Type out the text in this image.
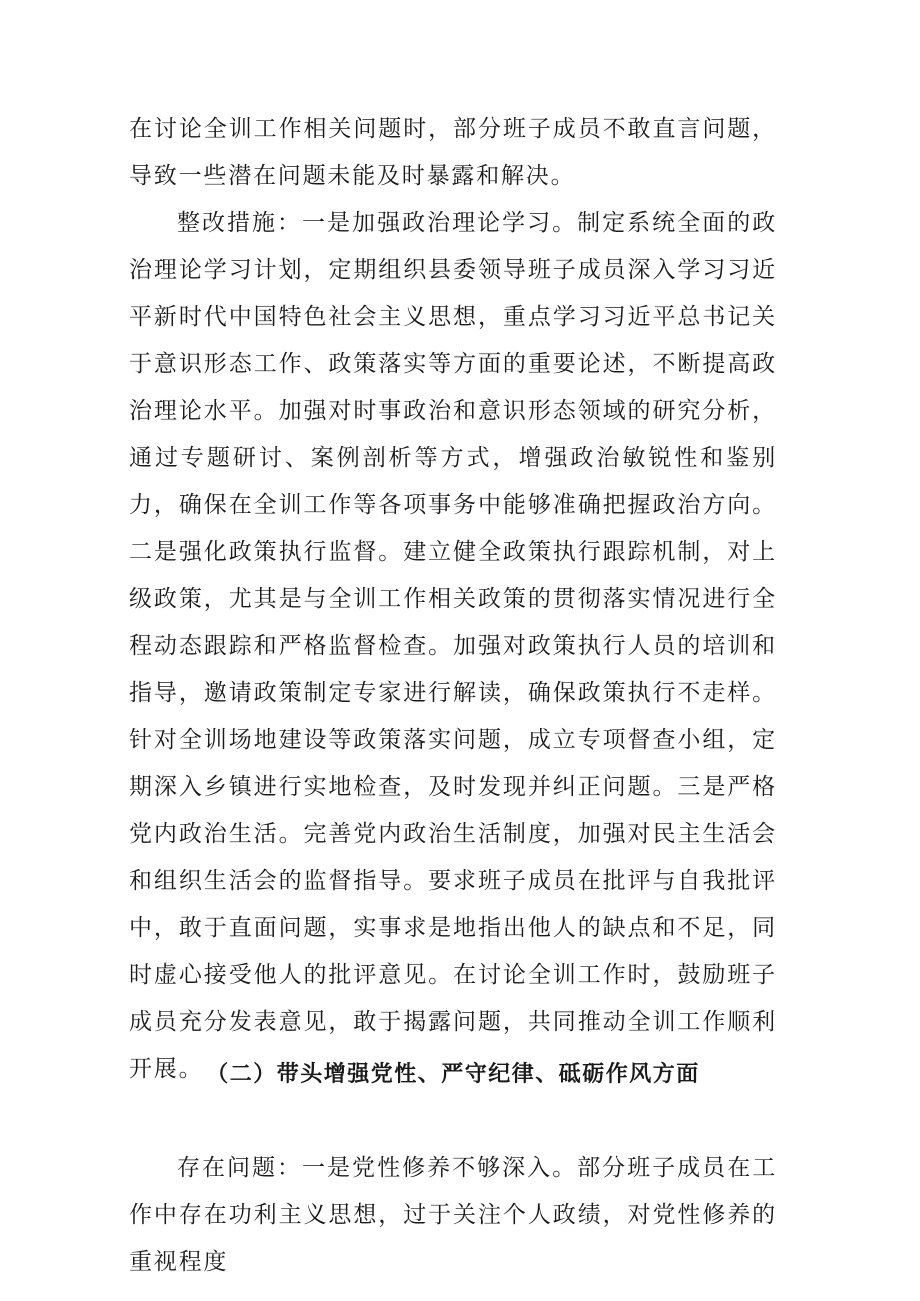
在讨论全训工作相关问题时，部分班子成员不敢直言问题，导致一些潜在问题未能及时暴露和解决。

整改措施：一是加强政治理论学习。制定系统全面的政治理论学习计划，定期组织县委领导班子成员深入学习习近平新时代中国特色社会主义思想，重点学习习近平总书记关于意识形态工作、政策落实等方面的重要论述，不断提高政治理论水平。加强对时事政治和意识形态领域的研究分析，通过专题研讨、案例剖析等方式，增强政治敏锐性和鉴别力，确保在全训工作等各项事务中能够准确把握政治方向。二是强化政策执行监督。建立健全政策执行跟踪机制，对上级政策，尤其是与全训工作相关政策的贯彻落实情况进行全程动态跟踪和严格监督检查。加强对政策执行人员的培训和指导，邀请政策制定专家进行解读，确保政策执行不走样。针对全训场地建设等政策落实问题，成立专项督查小组，定期深入乡镇进行实地检查，及时发现并纠正问题。三是严格党内政治生活。完善党内政治生活制度，加强对民主生活会和组织生活会的监督指导。要求班子成员在批评与自我批评中，敢于直面问题，实事求是地指出他人的缺点和不足，同时虚心接受他人的批评意见。在讨论全训工作时，鼓励班子成员充分发表意见，敢于揭露问题，共同推动全训工作顺利开展。 （二）带头增强党性、严守纪律、砥砺作风方面

存在问题：一是党性修养不够深入。部分班子成员在工作中存在功利主义思想，过于关注个人政绩，对党性修养的重视程度
